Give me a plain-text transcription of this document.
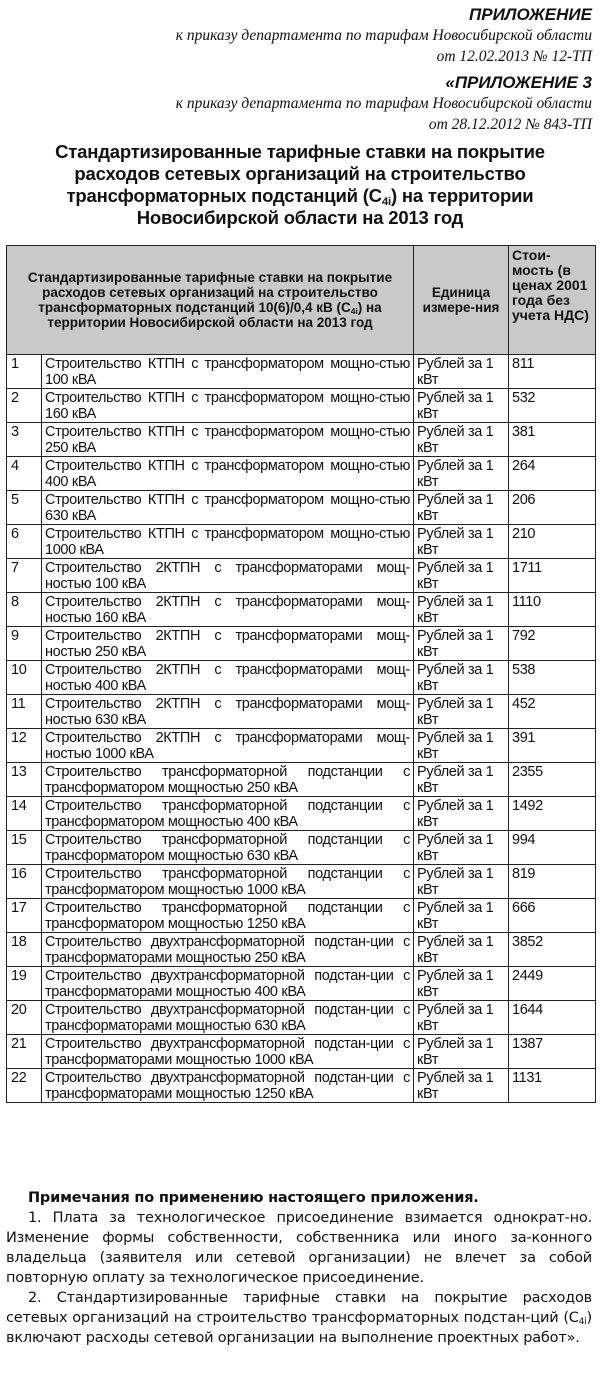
ПРИЛОЖЕНИЕ
к приказу департамента по тарифам Новосибирской области
от 12.02.2013 № 12-ТП
«ПРИЛОЖЕНИЕ 3
к приказу департамента по тарифам Новосибирской области
от 28.12.2012 № 843-ТП
Стандартизированные тарифные ставки на покрытие расходов сетевых организаций на строительство трансформаторных подстанций $(С_{4i})$ на территории Новосибирской области на 2013 год
Стандартизированные тарифные ставки на покрытие расходов сетевых организаций на строительство трансформаторных подстанций 10(6)/0,4 кВ $(С_{4i})$ на территории Новосибирской области на 2013 год		Единица измере-ния	Стои-мость (в ценах 2001 года без учета НДС)
1	Строительство КТПН с трансформатором мощно-стью 100 кВА	Рублей за 1 кВт	811
2	Строительство КТПН с трансформатором мощно-стью 160 кВА	Рублей за 1 кВт	532
3	Строительство КТПН с трансформатором мощно-стью 250 кВА	Рублей за 1 кВт	381
4	Строительство КТПН с трансформатором мощно-стью 400 кВА	Рублей за 1 кВт	264
5	Строительство КТПН с трансформатором мощно-стью 630 кВА	Рублей за 1 кВт	206
6	Строительство КТПН с трансформатором мощно-стью 1000 кВА	Рублей за 1 кВт	210
7	Строительство 2КТПН с трансформаторами мощ-ностью 100 кВА	Рублей за 1 кВт	1711
8	Строительство 2КТПН с трансформаторами мощ-ностью 160 кВА	Рублей за 1 кВт	1110
9	Строительство 2КТПН с трансформаторами мощ-ностью 250 кВА	Рублей за 1 кВт	792
10	Строительство 2КТПН с трансформаторами мощ-ностью 400 кВА	Рублей за 1 кВт	538
11	Строительство 2КТПН с трансформаторами мощ-ностью 630 кВА	Рублей за 1 кВт	452
12	Строительство 2КТПН с трансформаторами мощ-ностью 1000 кВА	Рублей за 1 кВт	391
13	Строительство трансформаторной подстанции с трансформатором мощностью 250 кВА	Рублей за 1 кВт	2355
14	Строительство трансформаторной подстанции с трансформатором мощностью 400 кВА	Рублей за 1 кВт	1492
15	Строительство трансформаторной подстанции с трансформатором мощностью 630 кВА	Рублей за 1 кВт	994
16	Строительство трансформаторной подстанции с трансформатором мощностью 1000 кВА	Рублей за 1 кВт	819
17	Строительство трансформаторной подстанции с трансформатором мощностью 1250 кВА	Рублей за 1 кВт	666
18	Строительство двухтрансформаторной подстан-ции с трансформаторами мощностью 250 кВА	Рублей за 1 кВт	3852
19	Строительство двухтрансформаторной подстан-ции с трансформаторами мощностью 400 кВА	Рублей за 1 кВт	2449
20	Строительство двухтрансформаторной подстан-ции с трансформаторами мощностью 630 кВА	Рублей за 1 кВт	1644
21	Строительство двухтрансформаторной подстан-ции с трансформаторами мощностью 1000 кВА	Рублей за 1 кВт	1387
22	Строительство двухтрансформаторной подстан-ции с трансформаторами мощностью 1250 кВА	Рублей за 1 кВт	1131
Примечания по применению настоящего приложения.

1. Плата за технологическое присоединение взимается однократ-но. Изменение формы собственности, собственника или иного за-конного владельца (заявителя или сетевой организации) не влечет за собой повторную оплату за технологическое присоединение.

2. Стандартизированные тарифные ставки на покрытие расходов сетевых организаций на строительство трансформаторных подстан-ций $(С_{4i})$ включают расходы сетевой организации на выполнение проектных работ».
